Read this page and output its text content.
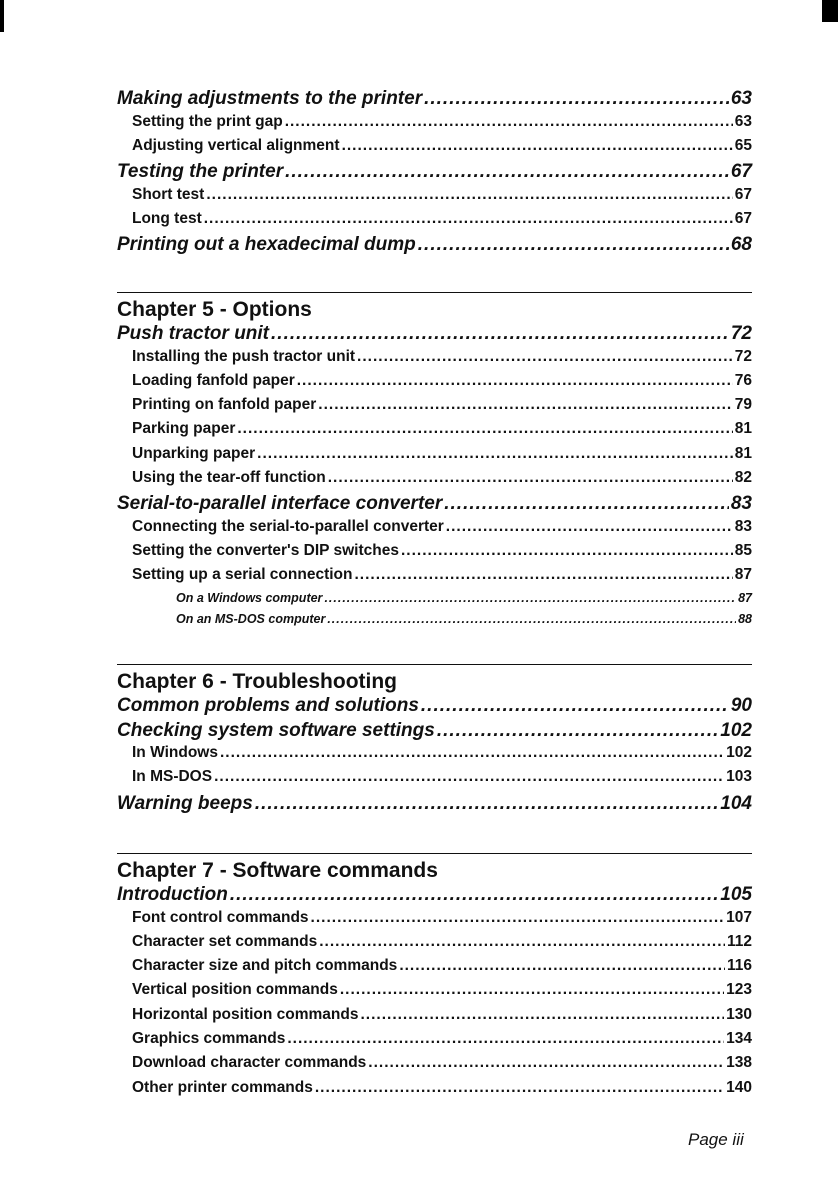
Making adjustments to the printer .....	63
Setting the print gap .....	63
Adjusting vertical alignment .....	65
Testing the printer .....	67
Short test .....	67
Long test .....	67
Printing out a hexadecimal dump .....	68
Chapter 5 - Options
Push tractor unit .....	72
Installing the push tractor unit .....	72
Loading fanfold paper .....	76
Printing on fanfold paper .....	79
Parking paper .....	81
Unparking paper .....	81
Using the tear-off function .....	82
Serial-to-parallel interface converter .....	83
Connecting the serial-to-parallel converter .....	83
Setting the converter's DIP switches .....	85
Setting up a serial connection .....	87
On a Windows computer .....	87
On an MS-DOS computer .....	88
Chapter 6 - Troubleshooting
Common problems and solutions .....	90
Checking system software settings .....	102
In Windows .....	102
In MS-DOS .....	103
Warning beeps .....	104
Chapter 7 - Software commands
Introduction .....	105
Font control commands .....	107
Character set commands .....	112
Character size and pitch commands .....	116
Vertical position commands .....	123
Horizontal position commands .....	130
Graphics commands .....	134
Download character commands .....	138
Other printer commands .....	140
Page iii
